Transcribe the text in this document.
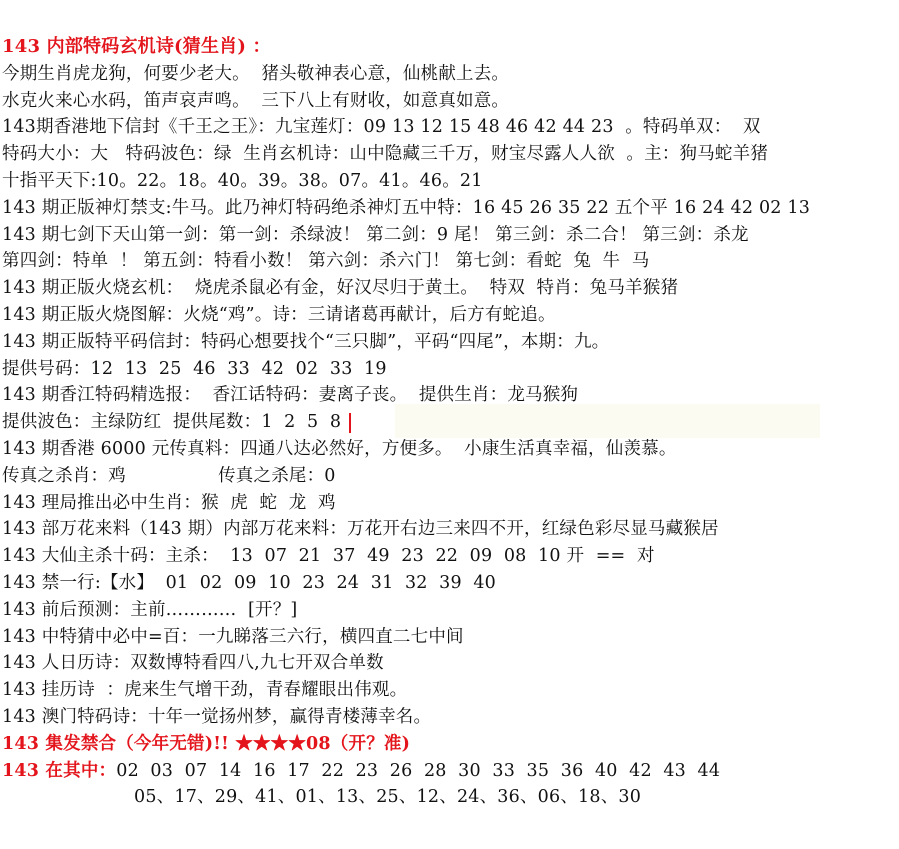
143 内部特码玄机诗(猜生肖) ：
今期生肖虎龙狗，何要少老大。  猪头敬神表心意，仙桃献上去。
水克火来心水码，笛声哀声鸣。  三下八上有财收，如意真如意。
143期香港地下信封《千王之王》：九宝莲灯：09 13 12 15 48 46 42 44 23  。特码单双：  双
特码大小：大   特码波色：绿  生肖玄机诗：山中隐藏三千万，财宝尽露人人欲  。主：狗马蛇羊猪
十指平天下:10。22。18。40。39。38。07。41。46。21
143 期正版神灯禁支:牛马。此乃神灯特码绝杀神灯五中特：16 45 26 35 22 五个平 16 24 42 02 13
143 期七剑下天山第一剑：第一剑：杀绿波！ 第二剑：9 尾！ 第三剑：杀二合！ 第三剑：杀龙
第四剑：特单  ！ 第五剑：特看小数！ 第六剑：杀六门！ 第七剑：看蛇  兔  牛  马
143 期正版火烧玄机：  烧虎杀鼠必有金，好汉尽归于黄土。  特双  特肖：兔马羊猴猪
143 期正版火烧图解：火烧“鸡”。诗：三请诸葛再献计，后方有蛇追。
143 期正版特平码信封：特码心想要找个“三只脚”，平码“四尾”，本期：九。
提供号码：12  13  25  46  33  42  02  33  19
143 期香江特码精选报：  香江话特码：妻离子丧。  提供生肖：龙马猴狗
提供波色：主绿防红  提供尾数：1  2  5  8
143 期香港 6000 元传真料：四通八达必然好，方便多。  小康生活真幸福，仙羡慕。
传真之杀肖：鸡                传真之杀尾：0
143 理局推出必中生肖：猴  虎  蛇  龙  鸡
143 部万花来料（143 期）内部万花来料：万花开右边三来四不开，红绿色彩尽显马藏猴居
143 大仙主杀十码：主杀：  13  07  21  37  49  23  22  09  08  10 开  ==  对
143 禁一行:【水】  01  02  09  10  23  24  31  32  39  40
143 前后预测：主前…………  [开？]
143 中特猜中必中=百：一九睇落三六行，横四直二七中间
143 人日历诗：双数博特看四八,九七开双合单数
143 挂历诗  ：虎来生气增干劲，青春耀眼出伟观。
143 澳门特码诗：十年一觉扬州梦，赢得青楼薄幸名。
143 集发禁合（今年无错)!! ★★★★08（开？准)
143 在其中：02  03  07  14  16  17  22  23  26  28  30  33  35  36  40  42  43  44
05、17、29、41、01、13、25、12、24、36、06、18、30
